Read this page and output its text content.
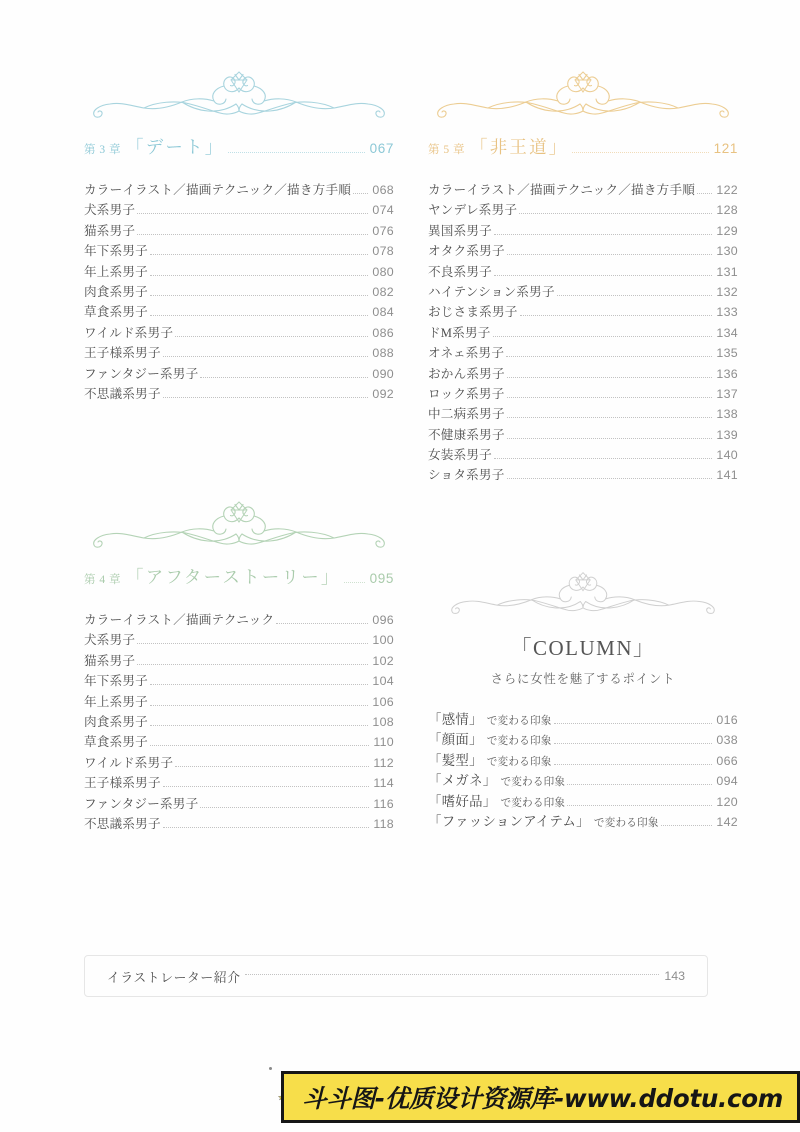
第 3 章 「デート」	067
カラーイラスト／描画テクニック／描き方手順 068
犬系男子	074
猫系男子	076
年下系男子	078
年上系男子	080
肉食系男子	082
草食系男子	084
ワイルド系男子	086
王子様系男子	088
ファンタジー系男子	090
不思議系男子	092
第 5 章 「非王道」	121
カラーイラスト／描画テクニック／描き方手順 122
ヤンデレ系男子	128
異国系男子	129
オタク系男子	130
不良系男子	131
ハイテンション系男子	132
おじさま系男子	133
ドM系男子	134
オネェ系男子	135
おかん系男子	136
ロック系男子	137
中二病系男子	138
不健康系男子	139
女装系男子	140
ショタ系男子	141
第 4 章 「アフターストーリー」 095
カラーイラスト／描画テクニック	096
犬系男子	100
猫系男子	102
年下系男子	104
年上系男子	106
肉食系男子	108
草食系男子	110
ワイルド系男子	112
王子様系男子	114
ファンタジー系男子	116
不思議系男子	118
「COLUMN」
さらに女性を魅了するポイント
「感情」 で変わる印象	016
「顔面」 で変わる印象	038
「髪型」 で変わる印象	066
「メガネ」 で変わる印象	094
「嗜好品」 で変わる印象	120
「ファッションアイテム」 で変わる印象	142
イラストレーター紹介	143
斗斗图-优质设计资源库-www.ddotu.com
